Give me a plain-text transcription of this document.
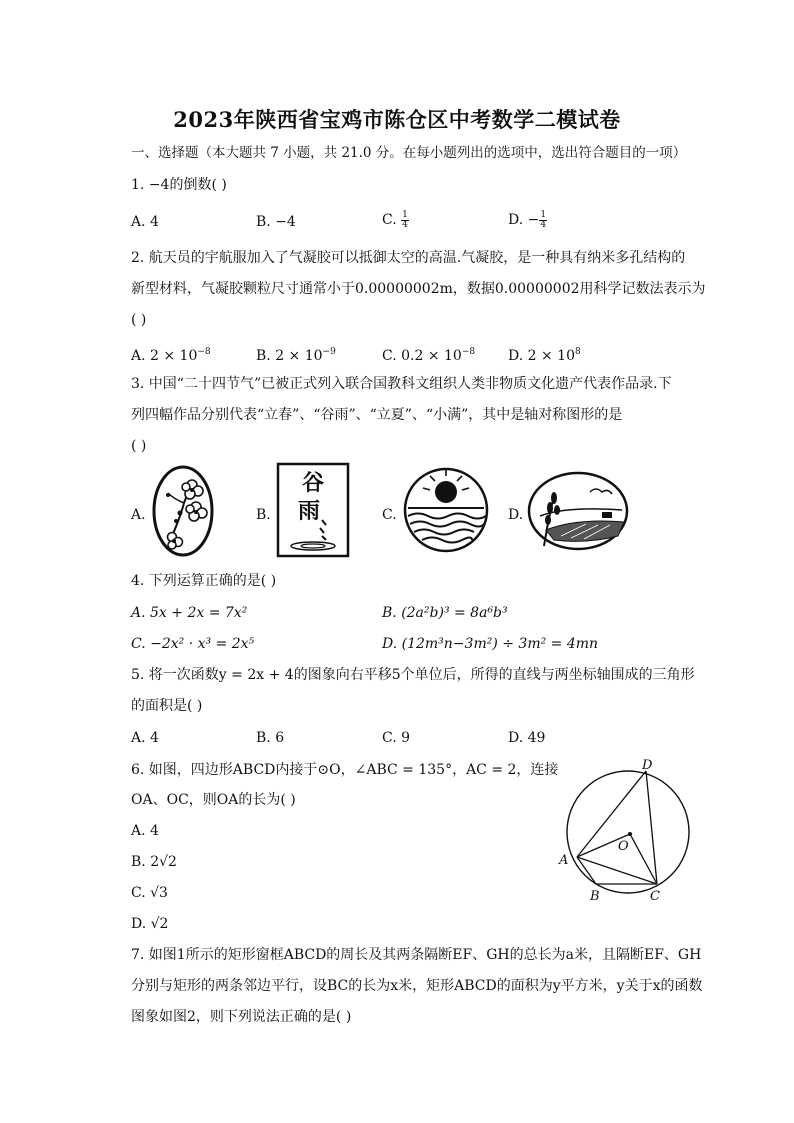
2023年陕西省宝鸡市陈仓区中考数学二模试卷
一、选择题（本大题共 7 小题，共 21.0 分。在每小题列出的选项中，选出符合题目的一项）
1. −4的倒数( )
A. 4	B. −4	C. $\frac{1}{4}$	D. − $\frac{1}{4}$
2. 航天员的宇航服加入了气凝胶可以抵御太空的高温.气凝胶，是一种具有纳米多孔结构的
新型材料，气凝胶颗粒尺寸通常小于0.00000002m，数据0.00000002用科学记数法表示为
( )
A. $2 \times 10^{-8}$	B. $2 \times 10^{-9}$	C. $0.2 \times 10^{-8}$ D. $2 \times 10^8$
3. 中国“二十四节气”已被正式列入联合国教科文组织人类非物质文化遗产代表作品录.下
列四幅作品分别代表“立春”、“谷雨”、“立夏”、“小满”，其中是轴对称图形的是
( )
A.	B.	C.	D.
谷
雨
4. 下列运算正确的是( )
A. 5x + 2x = 7x²	B. (2a²b)³ = 8a⁶b³
C. −2x² · x³ = 2x⁵	D. (12m³n−3m²) ÷ 3m² = 4mn
5. 将一次函数y = 2x + 4的图象向右平移5个单位后，所得的直线与两坐标轴围成的三角形
的面积是( )
A. 4	B. 6	C. 9	D. 49
6. 如图，四边形ABCD内接于⊙O，∠ABC = 135°，AC = 2，连接
OA、OC，则OA的长为( )
A. 4
B. 2√2
C. √3
D. √2
D
O
A
B	C
7. 如图1所示的矩形窗框ABCD的周长及其两条隔断EF、GH的总长为a米，且隔断EF、GH
分别与矩形的两条邻边平行，设BC的长为x米，矩形ABCD的面积为y平方米，y关于x的函数
图象如图2，则下列说法正确的是( )
